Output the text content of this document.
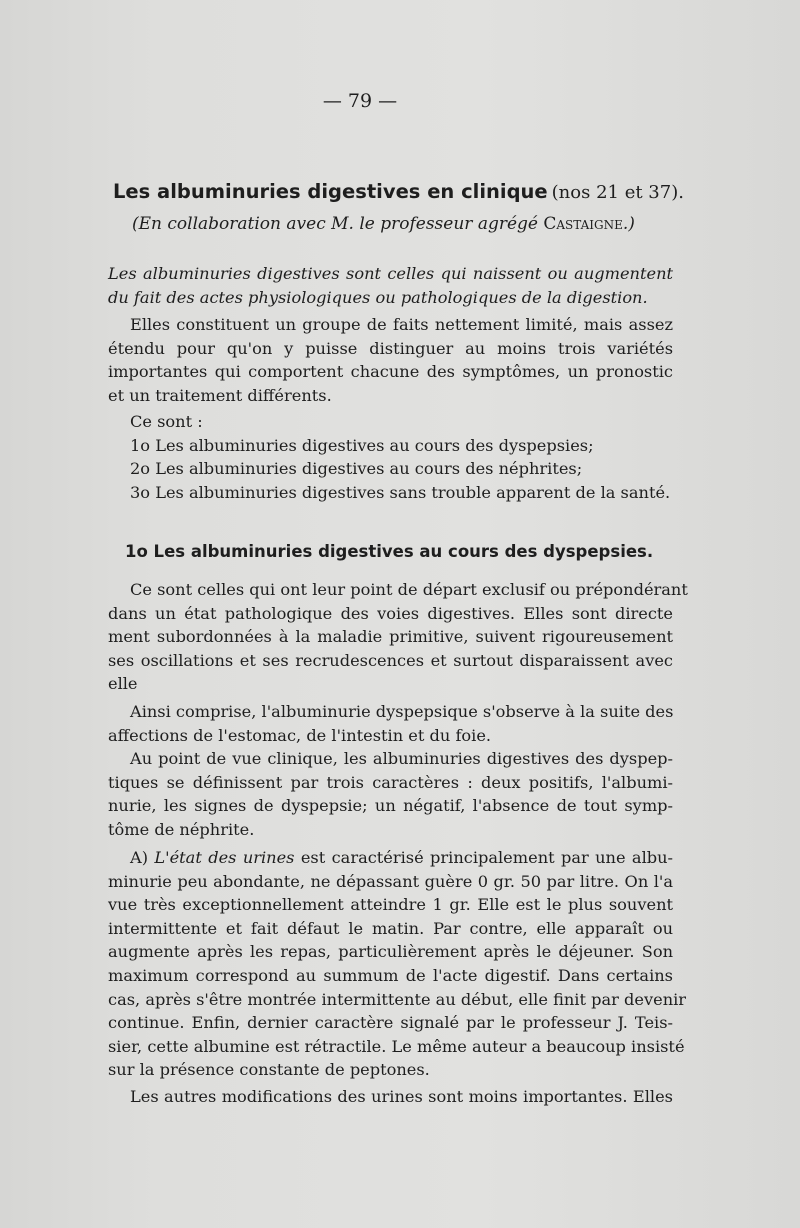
— 79 —
Les albuminuries digestives en clinique (nos 21 et 37).
(En collaboration avec M. le professeur agrégé Castaigne.)
Les albuminuries digestives sont celles qui naissent ou augmentent
du fait des actes physiologiques ou pathologiques de la digestion.
Elles constituent un groupe de faits nettement limité, mais assez
étendu pour qu'on y puisse distinguer au moins trois variétés
importantes qui comportent chacune des symptômes, un pronostic
et un traitement différents.
Ce sont :
1o Les albuminuries digestives au cours des dyspepsies;
2o Les albuminuries digestives au cours des néphrites;
3o Les albuminuries digestives sans trouble apparent de la santé.
1o Les albuminuries digestives au cours des dyspepsies.
Ce sont celles qui ont leur point de départ exclusif ou prépondérant
dans un état pathologique des voies digestives. Elles sont directe
ment subordonnées à la maladie primitive, suivent rigoureusement
ses oscillations et ses recrudescences et surtout disparaissent avec
elle
Ainsi comprise, l'albuminurie dyspepsique s'observe à la suite des
affections de l'estomac, de l'intestin et du foie.
Au point de vue clinique, les albuminuries digestives des dyspep-
tiques se définissent par trois caractères : deux positifs, l'albumi-
nurie, les signes de dyspepsie; un négatif, l'absence de tout symp-
tôme de néphrite.
A) L'état des urines est caractérisé principalement par une albu-
minurie peu abondante, ne dépassant guère 0 gr. 50 par litre. On l'a
vue très exceptionnellement atteindre 1 gr. Elle est le plus souvent
intermittente et fait défaut le matin. Par contre, elle apparaît ou
augmente après les repas, particulièrement après le déjeuner. Son
maximum correspond au summum de l'acte digestif. Dans certains
cas, après s'être montrée intermittente au début, elle finit par devenir
continue. Enfin, dernier caractère signalé par le professeur J. Teis-
sier, cette albumine est rétractile. Le même auteur a beaucoup insisté
sur la présence constante de peptones.
Les autres modifications des urines sont moins importantes. Elles
